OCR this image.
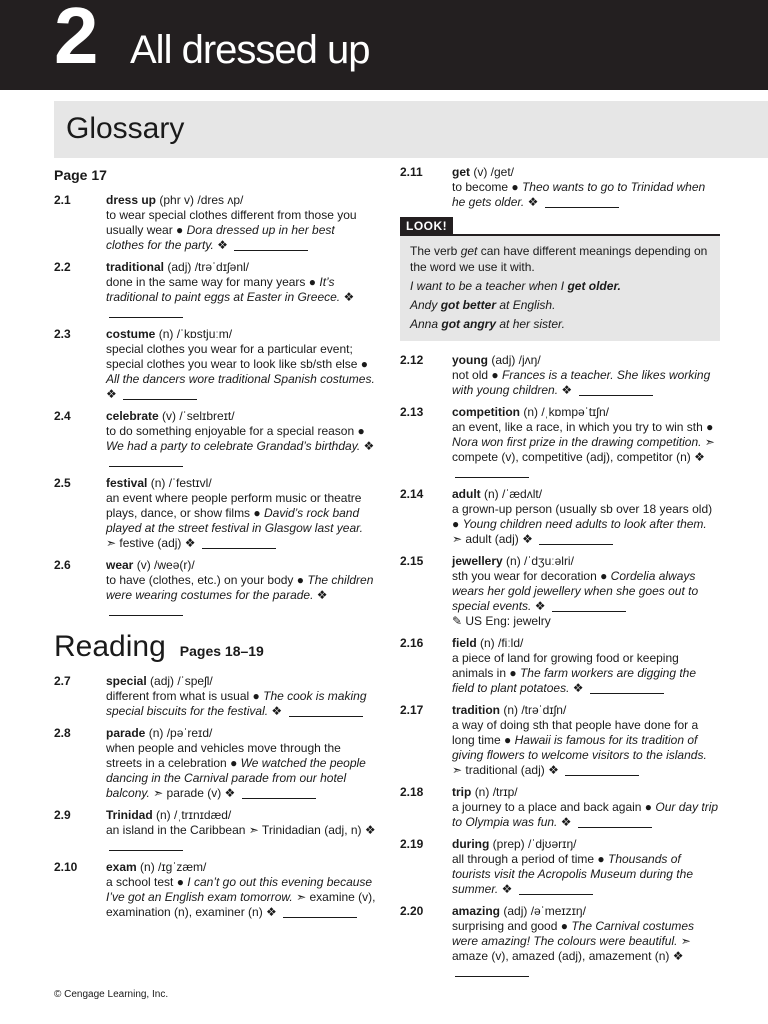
2 All dressed up
Glossary
Page 17
2.1	dress up (phr v) /dres ʌp/
to wear special clothes different from those you usually wear ● Dora dressed up in her best clothes for the party. ❖
2.2	traditional (adj) /trəˈdɪʃənl/
done in the same way for many years ● It’s traditional to paint eggs at Easter in Greece. ❖
2.3	costume (n) /ˈkɒstjuːm/
special clothes you wear for a particular event; special clothes you wear to look like sb/sth else ● All the dancers wore traditional Spanish costumes. ❖
2.4	celebrate (v) /ˈselɪbreɪt/
to do something enjoyable for a special reason ● We had a party to celebrate Grandad’s birthday. ❖
2.5	festival (n) /ˈfestɪvl/
an event where people perform music or theatre plays, dance, or show films ● David’s rock band played at the street festival in Glasgow last year. ➣ festive (adj) ❖
2.6	wear (v) /weə(r)/
to have (clothes, etc.) on your body ● The children were wearing costumes for the parade. ❖
Reading Pages 18–19
2.7	special (adj) /ˈspeʃl/
different from what is usual ● The cook is making special biscuits for the festival. ❖
2.8	parade (n) /pəˈreɪd/
when people and vehicles move through the streets in a celebration ● We watched the people dancing in the Carnival parade from our hotel balcony. ➣ parade (v) ❖
2.9	Trinidad (n) /ˌtrɪnɪdæd/
an island in the Caribbean ➣ Trinidadian (adj, n) ❖
2.10 exam (n) /ɪgˈzæm/
a school test ● I can’t go out this evening because I’ve got an English exam tomorrow. ➣ examine (v), examination (n), examiner (n) ❖
2.11 get (v) /get/
to become ● Theo wants to go to Trinidad when he gets older. ❖
LOOK!

The verb get can have different meanings depending on the word we use it with.

I want to be a teacher when I get older.

Andy got better at English.

Anna got angry at her sister.

2.12 young (adj) /jʌŋ/
not old ● Frances is a teacher. She likes working with young children. ❖
2.13 competition (n) /ˌkɒmpəˈtɪʃn/
an event, like a race, in which you try to win sth ● Nora won first prize in the drawing competition. ➣ compete (v), competitive (adj), competitor (n) ❖
2.14 adult (n) /ˈædʌlt/
a grown-up person (usually sb over 18 years old) ● Young children need adults to look after them. ➣ adult (adj) ❖
2.15 jewellery (n) /ˈdʒuːəlri/
sth you wear for decoration ● Cordelia always wears her gold jewellery when she goes out to special events. ❖
✎ US Eng: jewelry
2.16 field (n) /fiːld/
a piece of land for growing food or keeping animals in ● The farm workers are digging the field to plant potatoes. ❖
2.17 tradition (n) /trəˈdɪʃn/
a way of doing sth that people have done for a long time ● Hawaii is famous for its tradition of giving flowers to welcome visitors to the islands. ➣ traditional (adj) ❖
2.18 trip (n) /trɪp/
a journey to a place and back again ● Our day trip to Olympia was fun. ❖
2.19 during (prep) /ˈdjʊərɪŋ/
all through a period of time ● Thousands of tourists visit the Acropolis Museum during the summer. ❖
2.20 amazing (adj) /əˈmeɪzɪŋ/
surprising and good ● The Carnival costumes were amazing! The colours were beautiful. ➣ amaze (v), amazed (adj), amazement (n) ❖
© Cengage Learning, Inc.
